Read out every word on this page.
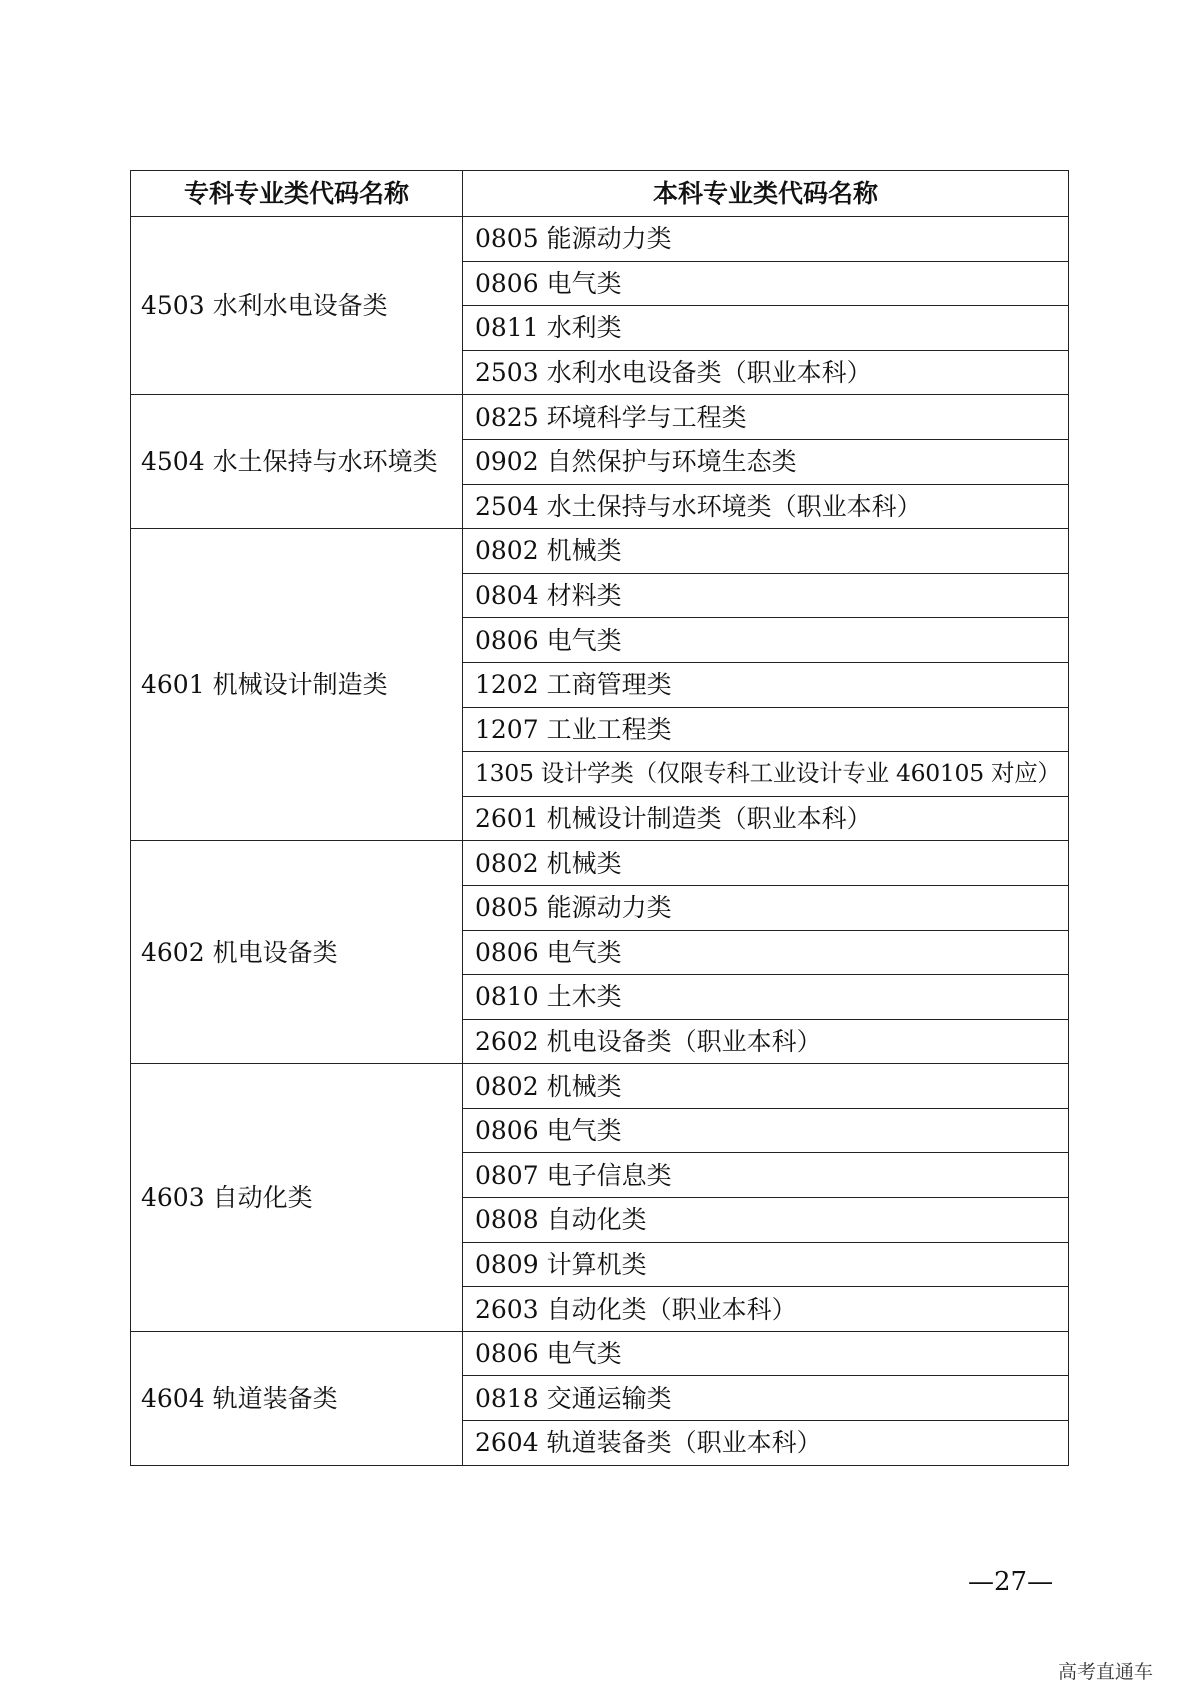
专科专业类代码名称	本科专业类代码名称
4503 水利水电设备类	0805 能源动力类
	0806 电气类
	0811 水利类
	2503 水利水电设备类（职业本科）
4504 水土保持与水环境类	0825 环境科学与工程类
	0902 自然保护与环境生态类
	2504 水土保持与水环境类（职业本科）
4601 机械设计制造类	0802 机械类
	0804 材料类
	0806 电气类
	1202 工商管理类
	1207 工业工程类
	1305 设计学类（仅限专科工业设计专业 460105 对应）
	2601 机械设计制造类（职业本科）
4602 机电设备类	0802 机械类
	0805 能源动力类
	0806 电气类
	0810 土木类
	2602 机电设备类（职业本科）
4603 自动化类	0802 机械类
	0806 电气类
	0807 电子信息类
	0808 自动化类
	0809 计算机类
	2603 自动化类（职业本科）
4604 轨道装备类	0806 电气类
	0818 交通运输类
	2604 轨道装备类（职业本科）
—27—
高考直通车
